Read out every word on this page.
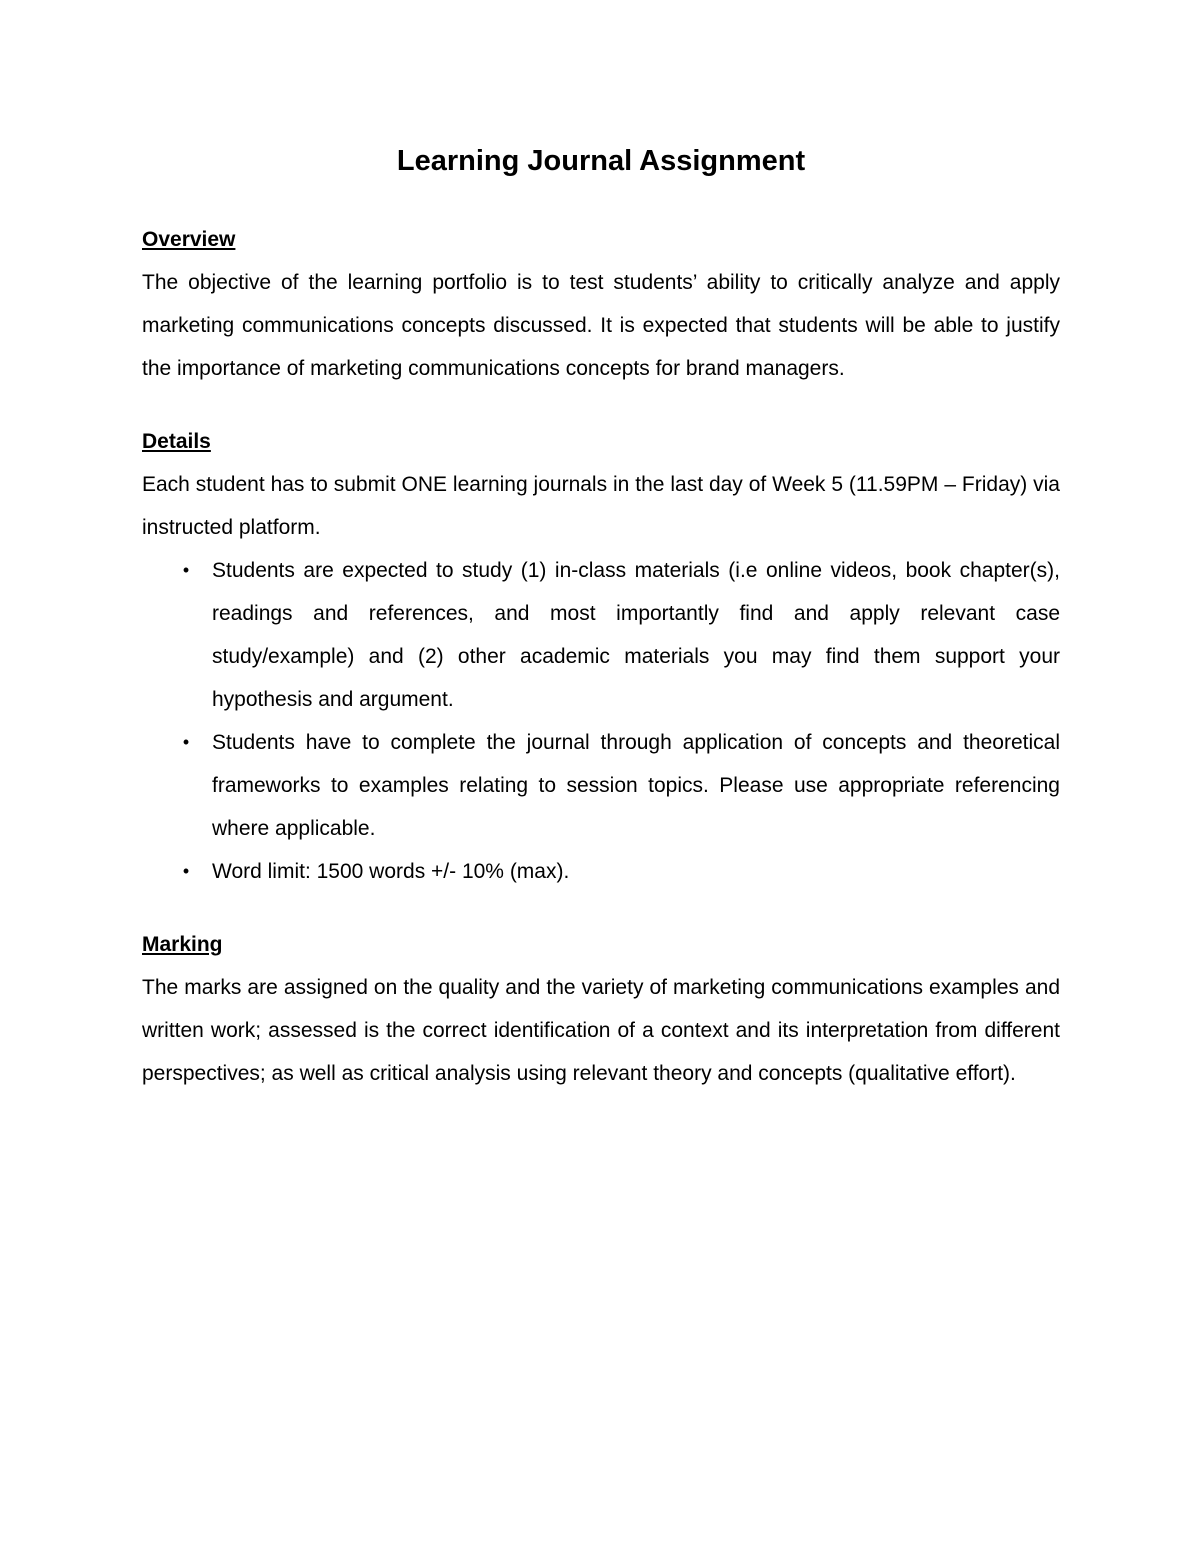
Learning Journal Assignment
Overview

The objective of the learning portfolio is to test students’ ability to critically analyze and apply marketing communications concepts discussed. It is expected that students will be able to justify the importance of marketing communications concepts for brand managers.

Details

Each student has to submit ONE learning journals in the last day of Week 5 (11.59PM – Friday) via instructed platform.

•	Students are expected to study (1) in-class materials (i.e online videos, book chapter(s), readings and references, and most importantly find and apply relevant case study/example) and (2) other academic materials you may find them support your hypothesis and argument.
•	Students have to complete the journal through application of concepts and theoretical frameworks to examples relating to session topics. Please use appropriate referencing where applicable.
•	Word limit: 1500 words +/- 10% (max).
Marking

The marks are assigned on the quality and the variety of marketing communications examples and written work; assessed is the correct identification of a context and its interpretation from different perspectives; as well as critical analysis using relevant theory and concepts (qualitative effort).
